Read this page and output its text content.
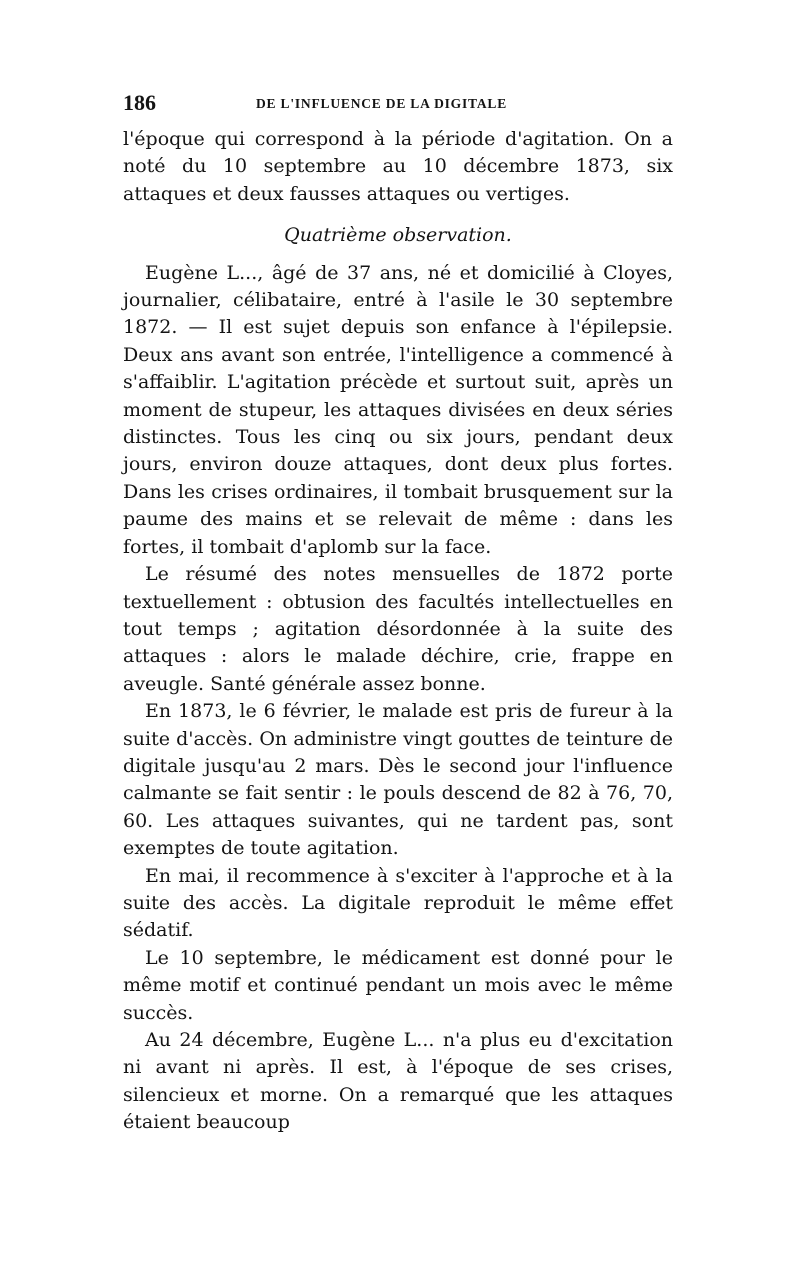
186	DE L'INFLUENCE DE LA DIGITALE

l'époque qui correspond à la période d'agitation. On a noté du 10 septembre au 10 décembre 1873, six attaques et deux fausses attaques ou vertiges.

Quatrième observation.

Eugène L..., âgé de 37 ans, né et domicilié à Cloyes, journalier, célibataire, entré à l'asile le 30 septembre 1872. — Il est sujet depuis son enfance à l'épilepsie. Deux ans avant son entrée, l'intelligence a commencé à s'affaiblir. L'agitation précède et surtout suit, après un moment de stupeur, les attaques divisées en deux séries distinctes. Tous les cinq ou six jours, pendant deux jours, environ douze attaques, dont deux plus fortes. Dans les crises ordinaires, il tombait brusquement sur la paume des mains et se relevait de même : dans les fortes, il tombait d'aplomb sur la face.

Le résumé des notes mensuelles de 1872 porte textuellement : obtusion des facultés intellectuelles en tout temps ; agitation désordonnée à la suite des attaques : alors le malade déchire, crie, frappe en aveugle. Santé générale assez bonne.

En 1873, le 6 février, le malade est pris de fureur à la suite d'accès. On administre vingt gouttes de teinture de digitale jusqu'au 2 mars. Dès le second jour l'influence calmante se fait sentir : le pouls descend de 82 à 76, 70, 60. Les attaques suivantes, qui ne tardent pas, sont exemptes de toute agitation.

En mai, il recommence à s'exciter à l'approche et à la suite des accès. La digitale reproduit le même effet sédatif.

Le 10 septembre, le médicament est donné pour le même motif et continué pendant un mois avec le même succès.

Au 24 décembre, Eugène L... n'a plus eu d'excitation ni avant ni après. Il est, à l'époque de ses crises, silencieux et morne. On a remarqué que les attaques étaient beaucoup
